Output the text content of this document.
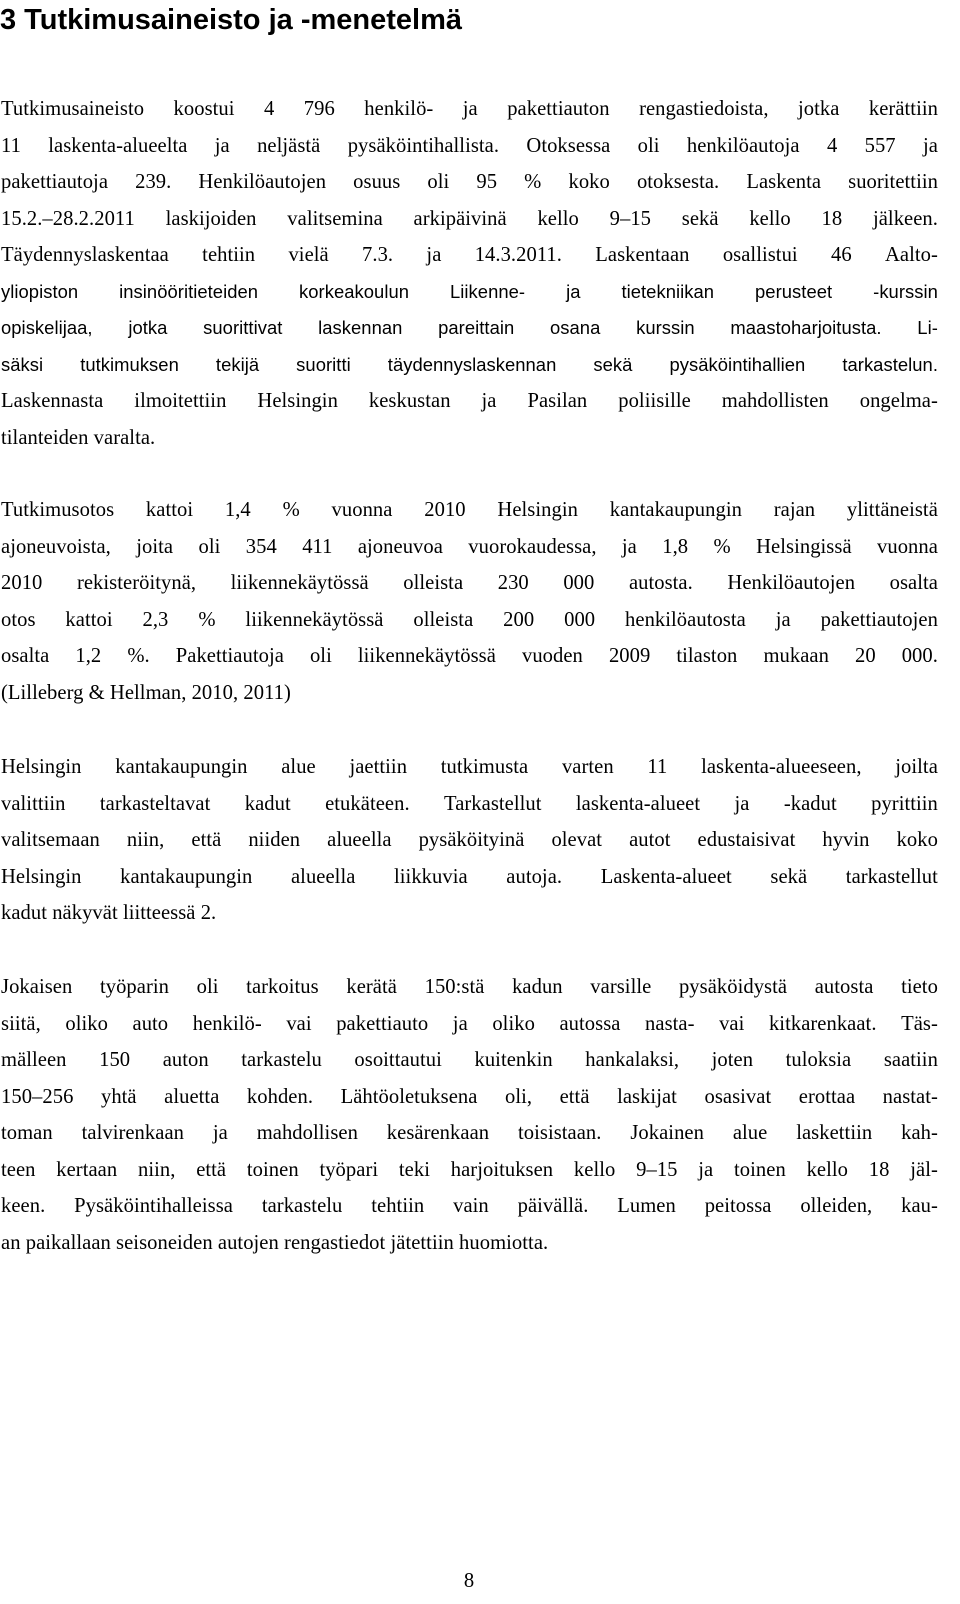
3 Tutkimusaineisto ja -menetelmä
Tutkimusaineisto koostui 4 796 henkilö- ja pakettiauton rengastiedoista, jotka kerättiin
11 laskenta-alueelta ja neljästä pysäköintihallista. Otoksessa oli henkilöautoja 4 557 ja
pakettiautoja 239. Henkilöautojen osuus oli 95 % koko otoksesta. Laskenta suoritettiin
15.2.–28.2.2011 laskijoiden valitsemina arkipäivinä kello 9–15 sekä kello 18 jälkeen.
Täydennyslaskentaa tehtiin vielä 7.3. ja 14.3.2011. Laskentaan osallistui 46 Aalto-
yliopiston insinööritieteiden korkeakoulun Liikenne- ja tietekniikan perusteet -kurssin
opiskelijaa, jotka suorittivat laskennan pareittain osana kurssin maastoharjoitusta. Li-
säksi tutkimuksen tekijä suoritti täydennyslaskennan sekä pysäköintihallien tarkastelun.
Laskennasta ilmoitettiin Helsingin keskustan ja Pasilan poliisille mahdollisten ongelma-
tilanteiden varalta.
Tutkimusotos kattoi 1,4 % vuonna 2010 Helsingin kantakaupungin rajan ylittäneistä
ajoneuvoista, joita oli 354 411 ajoneuvoa vuorokaudessa, ja 1,8 % Helsingissä vuonna
2010 rekisteröitynä, liikennekäytössä olleista 230 000 autosta. Henkilöautojen osalta
otos kattoi 2,3 % liikennekäytössä olleista 200 000 henkilöautosta ja pakettiautojen
osalta 1,2 %. Pakettiautoja oli liikennekäytössä vuoden 2009 tilaston mukaan 20 000.
(Lilleberg & Hellman, 2010, 2011)
Helsingin kantakaupungin alue jaettiin tutkimusta varten 11 laskenta-alueeseen, joilta
valittiin tarkasteltavat kadut etukäteen. Tarkastellut laskenta-alueet ja -kadut pyrittiin
valitsemaan niin, että niiden alueella pysäköityinä olevat autot edustaisivat hyvin koko
Helsingin kantakaupungin alueella liikkuvia autoja. Laskenta-alueet sekä tarkastellut
kadut näkyvät liitteessä 2.
Jokaisen työparin oli tarkoitus kerätä 150:stä kadun varsille pysäköidystä autosta tieto
siitä, oliko auto henkilö- vai pakettiauto ja oliko autossa nasta- vai kitkarenkaat. Täs-
mälleen 150 auton tarkastelu osoittautui kuitenkin hankalaksi, joten tuloksia saatiin
150–256 yhtä aluetta kohden. Lähtöoletuksena oli, että laskijat osasivat erottaa nastat-
toman talvirenkaan ja mahdollisen kesärenkaan toisistaan. Jokainen alue laskettiin kah-
teen kertaan niin, että toinen työpari teki harjoituksen kello 9–15 ja toinen kello 18 jäl-
keen. Pysäköintihalleissa tarkastelu tehtiin vain päivällä. Lumen peitossa olleiden, kau-
an paikallaan seisoneiden autojen rengastiedot jätettiin huomiotta.
8
